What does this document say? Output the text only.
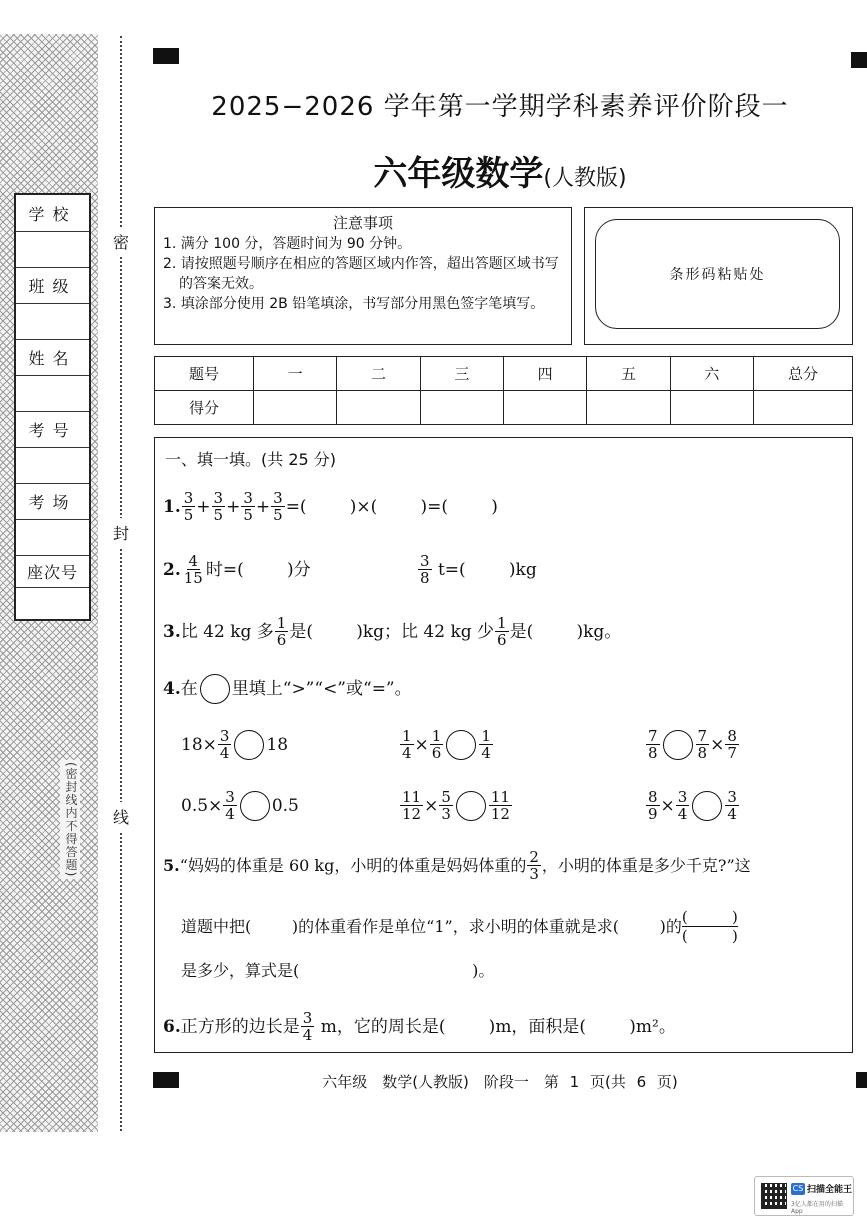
学校
班级
姓名
考号
考场
座次号
(密封线内不得答题)
密
封
线
2025−2026 学年第一学期学科素养评价阶段一
六年级数学(人教版)
注意事项
1. 满分 100 分，答题时间为 90 分钟。
2. 请按照题号顺序在相应的答题区域内作答，超出答题区域书写的答案无效。
3. 填涂部分使用 2B 铅笔填涂，书写部分用黑色签字笔填写。
条形码粘贴处
题号	一	二	三	四	五	六	总分
得分							
一、填一填。(共 25 分)
1. $\frac{3}{5} + \frac{3}{5} + \frac{3}{5} + \frac{3}{5}$ =(        )×(        )=(        )
2. $\frac{4}{15}$ 时=(        )分	$\frac{3}{8} t=$(        )kg
3. 比 42 kg 多 $\frac{1}{6}$ 是(        )kg；比 42 kg 少 $\frac{1}{6}$ 是(        )kg。
4. 在 里填上“>”“<”或“=”。
$18\times \frac{3}{4} 18$	$\frac{1}{4} \times \frac{1}{6} \frac{1}{4}$	$\frac{7}{8} \frac{7}{8} \times \frac{8}{7}$
$0.5\times \frac{3}{4} 0.5$	$\frac{11}{12} \times \frac{5}{3} \frac{11}{12}$	$\frac{8}{9} \times \frac{3}{4} \frac{3}{4}$
5. “妈妈的体重是 60 kg，小明的体重是妈妈体重的 $\frac{2}{3}$ ，小明的体重是多少千克?”这
道题中把(        )的体重看作是单位“1”，求小明的体重就是求(        )的 (	)
(	)
是多少，算式是(                                  )。
6. 正方形的边长是 $\frac{3}{4}$ m，它的周长是(        )m，面积是(        )m²。
六年级　数学(人教版)　阶段一　第 1 页(共 6 页)
CS 扫描全能王
3亿人都在用的扫描App
